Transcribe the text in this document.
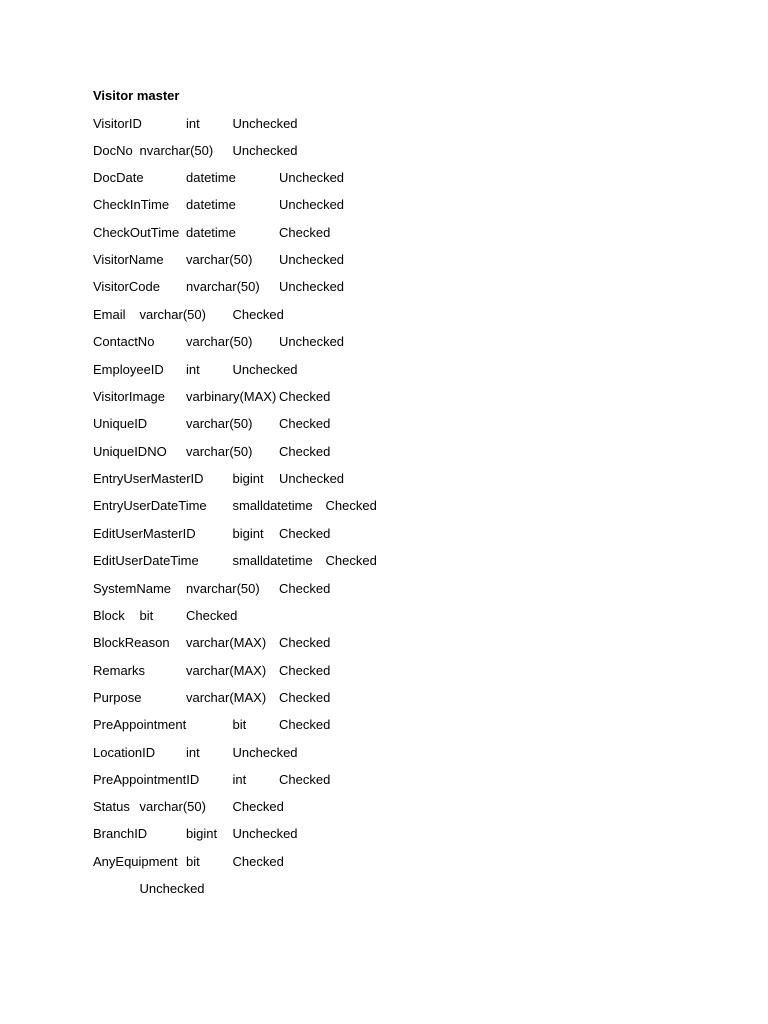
Visitor master
VisitorID	int	Unchecked
DocNo	nvarchar(50)	Unchecked
DocDate	datetime	Unchecked
CheckInTime	datetime	Unchecked
CheckOutTime	datetime	Checked
VisitorName	varchar(50)	Unchecked
VisitorCode	nvarchar(50)	Unchecked
Email	varchar(50)	Checked
ContactNo	varchar(50)	Unchecked
EmployeeID	int	Unchecked
VisitorImage	varbinary(MAX)	Checked
UniqueID	varchar(50)	Checked
UniqueIDNO	varchar(50)	Checked
EntryUserMasterID	bigint	Unchecked
EntryUserDateTime	smalldatetime	Checked
EditUserMasterID	bigint	Checked
EditUserDateTime	smalldatetime	Checked
SystemName	nvarchar(50)	Checked
Block	bit	Checked
BlockReason	varchar(MAX)	Checked
Remarks	varchar(MAX)	Checked
Purpose	varchar(MAX)	Checked
PreAppointment	bit	Checked
LocationID	int	Unchecked
PreAppointmentID	int	Checked
Status	varchar(50)	Checked
BranchID	bigint	Unchecked
AnyEquipment	bit	Checked
	Unchecked
